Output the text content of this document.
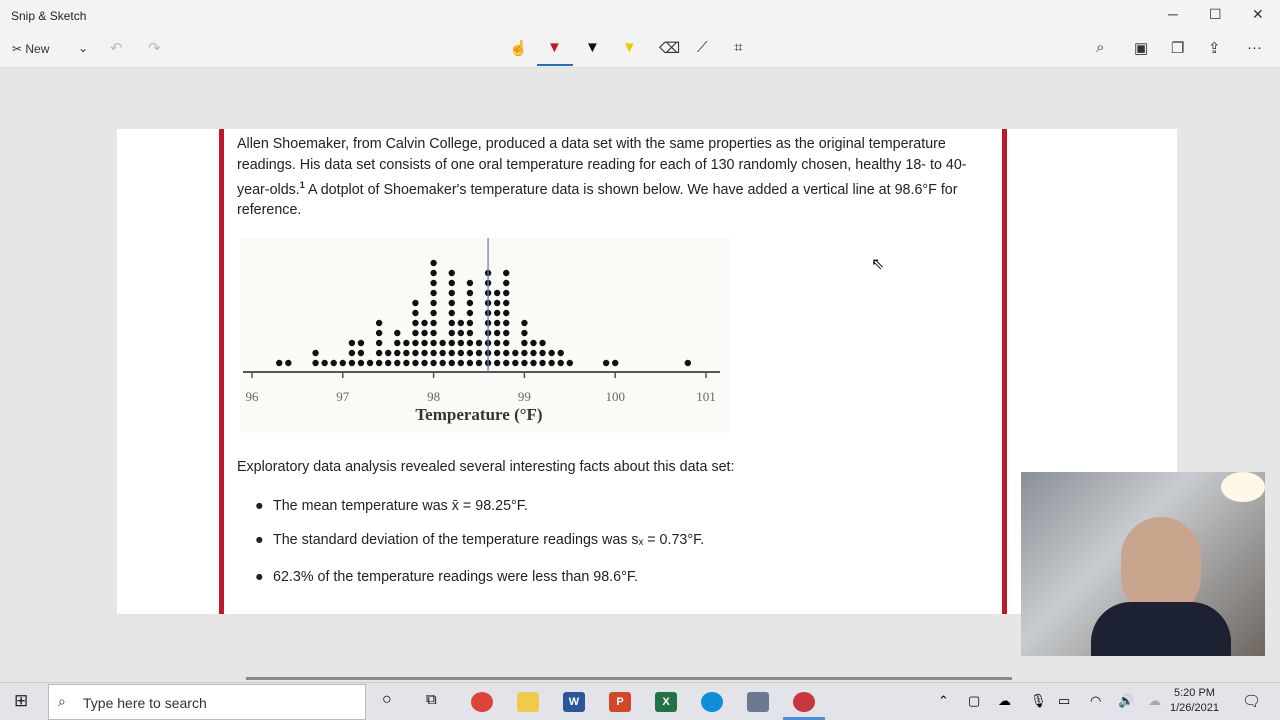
Snip & Sketch	─ ☐ ✕
✂ New ⌄ ↶ ↷	☝ ▼ ▼ ▼ ⌫ ⟋ ⌗	⌕ ▣ ❐ ⇪ ···
Allen Shoemaker, from Calvin College, produced a data set with the same properties as the original temperature readings. His data set consists of one oral temperature reading for each of 130 randomly chosen, healthy 18- to 40-year-olds.$^1$ A dotplot of Shoemaker's temperature data is shown below. We have added a vertical line at 98.6°F for reference.
96	97	98	99	100	101
Temperature (°F)
Exploratory data analysis revealed several interesting facts about this data set:
● The mean temperature was x̄ = 98.25°F.
● The standard deviation of the temperature readings was sₓ = 0.73°F.
● 62.3% of the temperature readings were less than 98.6°F.
⇖
⊞ ⌕ Type here to search	○ ⧉	W	P	X	⌃ ▢ ☁ 🎙 ▭ ◠ 🔊 ☁	5:20 PM
1/26/2021 🗨
